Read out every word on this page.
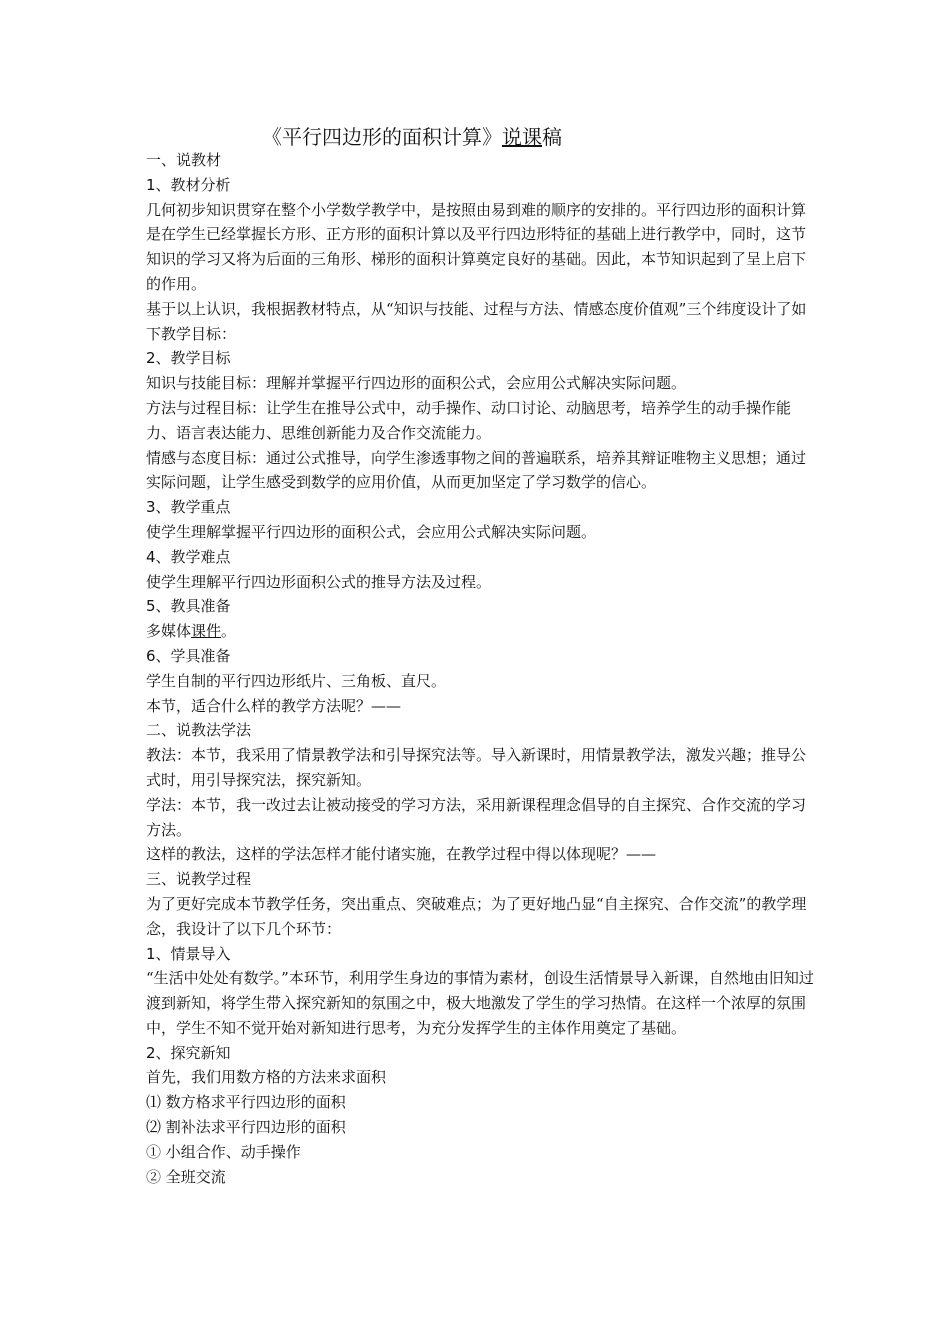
《平行四边形的面积计算》说课稿

一、说教材

1、教材分析

几何初步知识贯穿在整个小学数学教学中，是按照由易到难的顺序的安排的。平行四边形的面积计算是在学生已经掌握长方形、正方形的面积计算以及平行四边形特征的基础上进行教学中，同时，这节知识的学习又将为后面的三角形、梯形的面积计算奠定良好的基础。因此，本节知识起到了呈上启下的作用。

基于以上认识，我根据教材特点，从“知识与技能、过程与方法、情感态度价值观”三个纬度设计了如下教学目标：

2、教学目标

知识与技能目标：理解并掌握平行四边形的面积公式，会应用公式解决实际问题。

方法与过程目标：让学生在推导公式中，动手操作、动口讨论、动脑思考，培养学生的动手操作能力、语言表达能力、思维创新能力及合作交流能力。

情感与态度目标：通过公式推导，向学生渗透事物之间的普遍联系，培养其辩证唯物主义思想；通过实际问题，让学生感受到数学的应用价值，从而更加坚定了学习数学的信心。

3、教学重点

使学生理解掌握平行四边形的面积公式，会应用公式解决实际问题。

4、教学难点

使学生理解平行四边形面积公式的推导方法及过程。

5、教具准备

多媒体课件。

6、学具准备

学生自制的平行四边形纸片、三角板、直尺。

本节，适合什么样的教学方法呢？——

二、说教法学法

教法：本节，我采用了情景教学法和引导探究法等。导入新课时，用情景教学法，激发兴趣；推导公式时，用引导探究法，探究新知。

学法：本节，我一改过去让被动接受的学习方法，采用新课程理念倡导的自主探究、合作交流的学习方法。

这样的教法，这样的学法怎样才能付诸实施，在教学过程中得以体现呢？——

三、说教学过程

为了更好完成本节教学任务，突出重点、突破难点；为了更好地凸显“自主探究、合作交流”的教学理念，我设计了以下几个环节：

1、情景导入

“生活中处处有数学。”本环节，利用学生身边的事情为素材，创设生活情景导入新课，自然地由旧知过渡到新知，将学生带入探究新知的氛围之中，极大地激发了学生的学习热情。在这样一个浓厚的氛围中，学生不知不觉开始对新知进行思考，为充分发挥学生的主体作用奠定了基础。

2、探究新知

首先，我们用数方格的方法来求面积

⑴ 数方格求平行四边形的面积

⑵ 割补法求平行四边形的面积

① 小组合作、动手操作

② 全班交流
